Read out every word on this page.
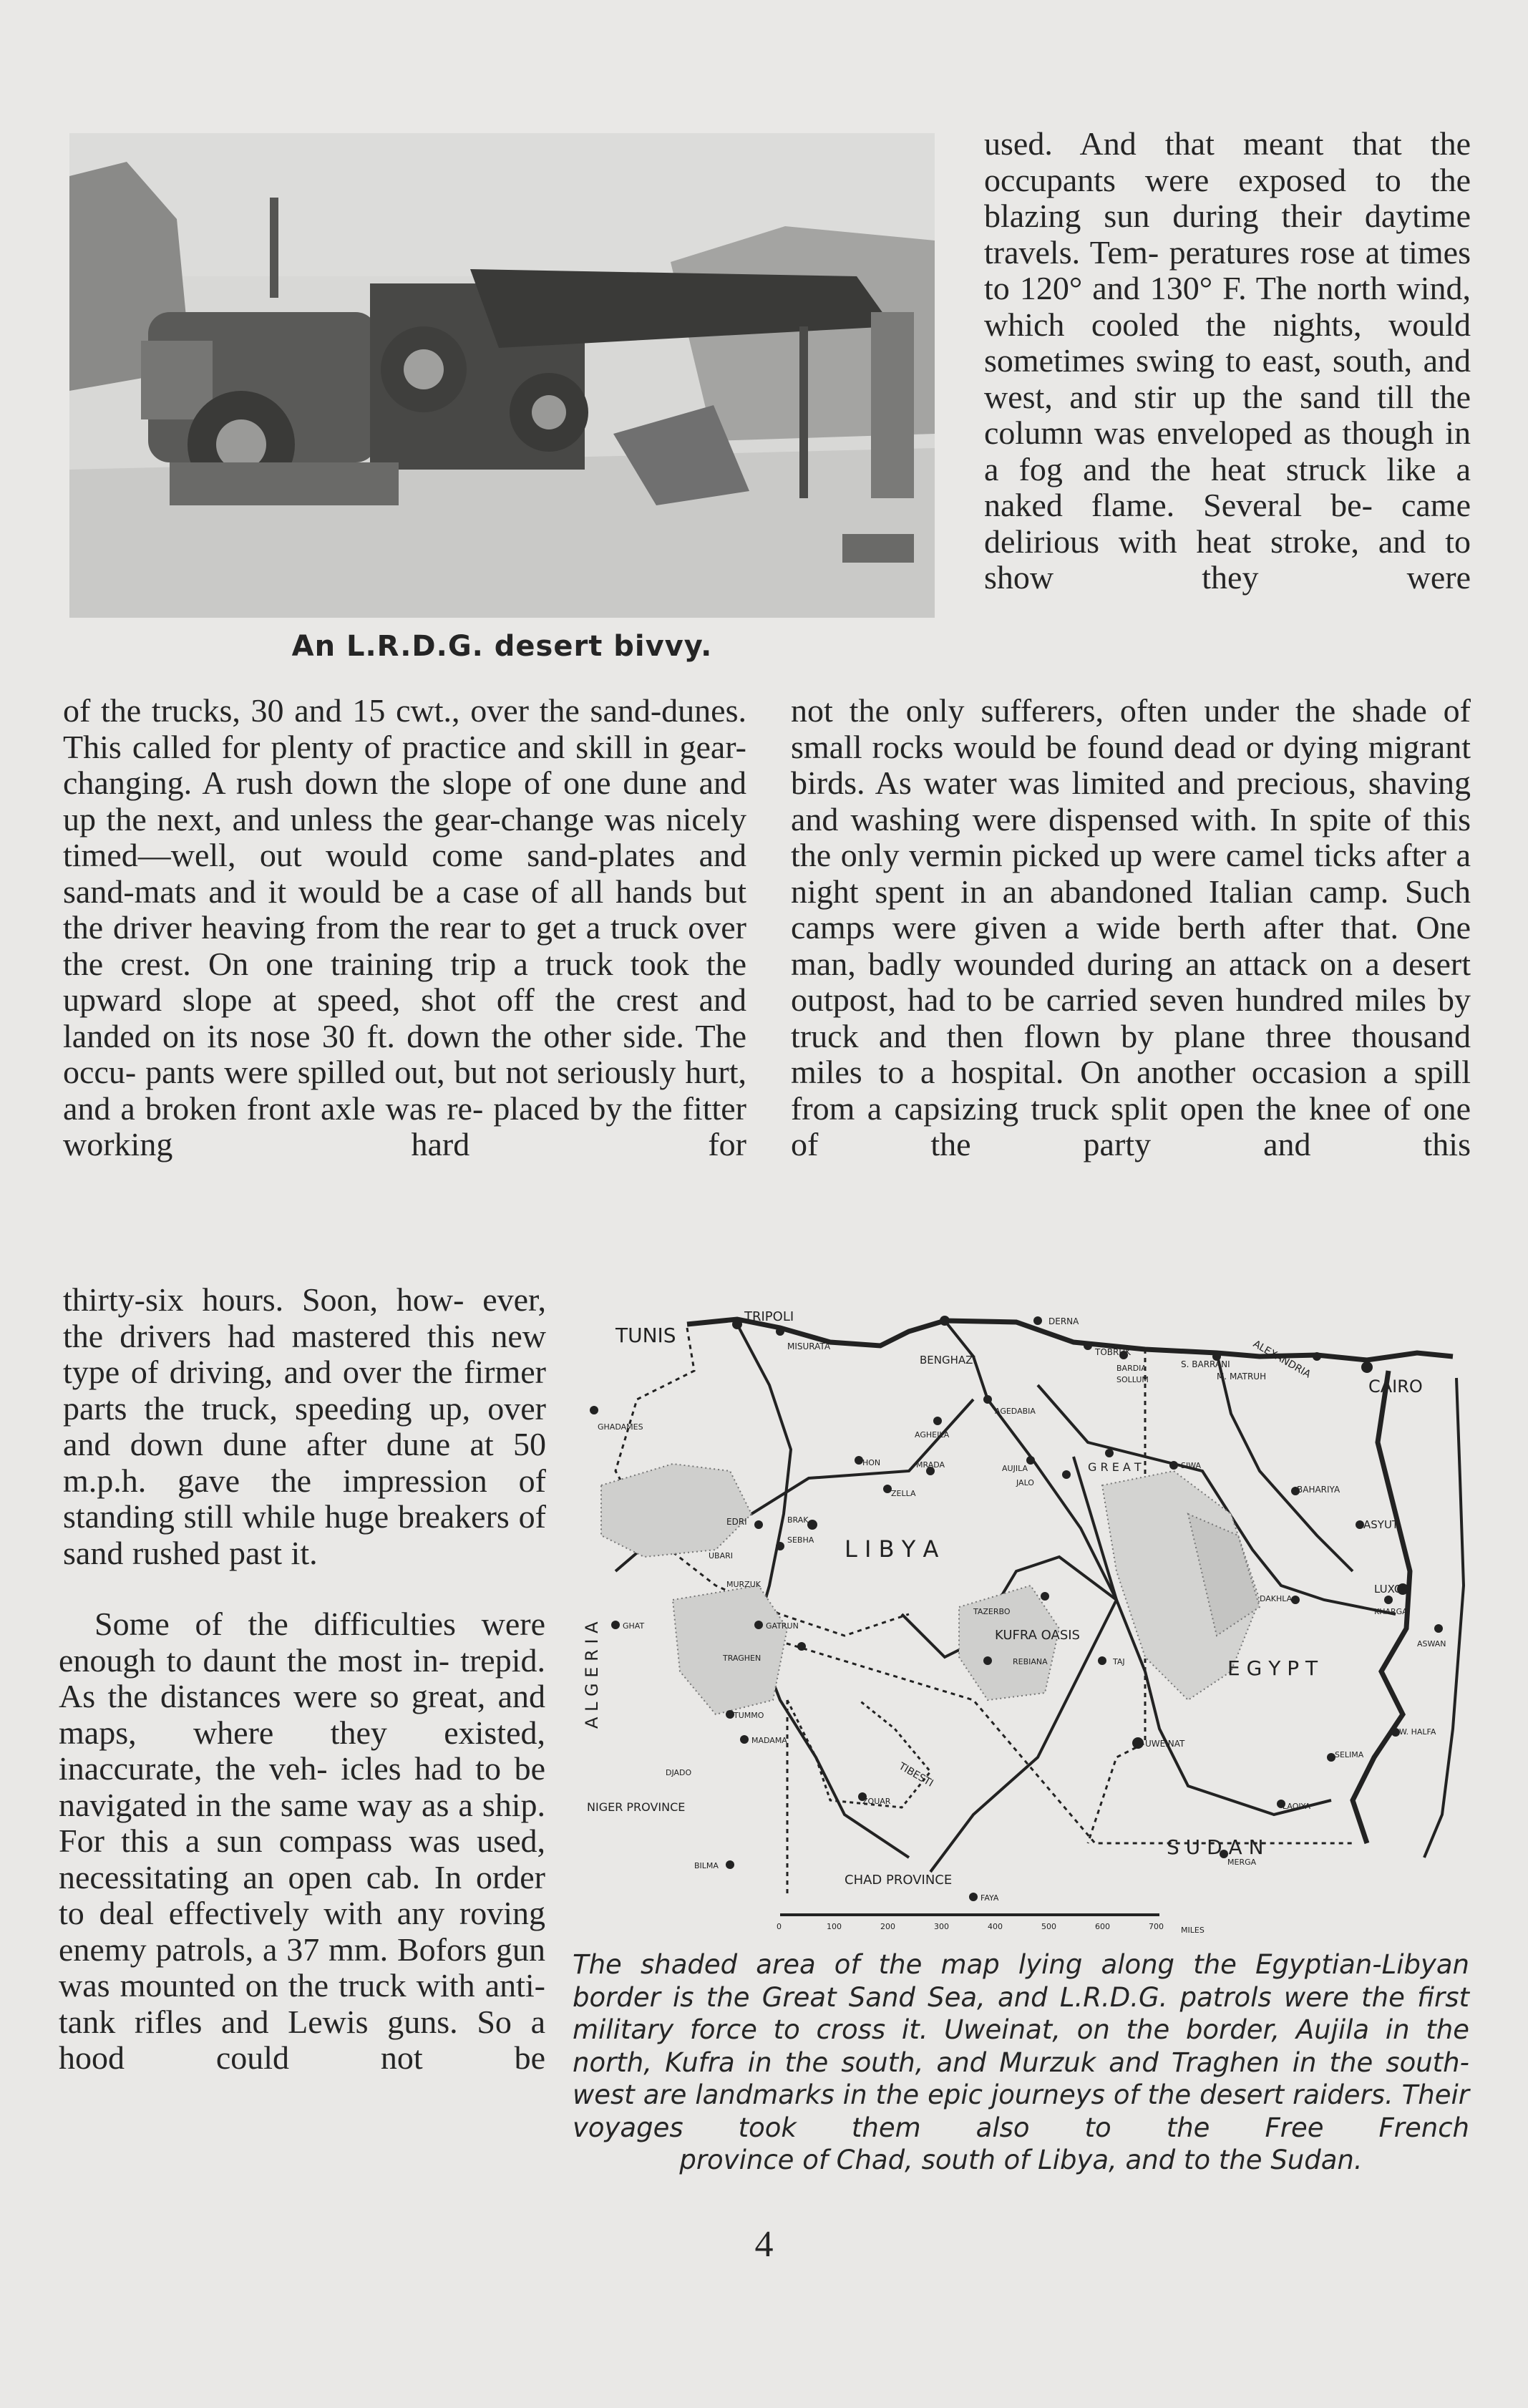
An L.R.D.G. desert bivvy.

used. And that meant that the occupants were exposed to the blazing sun during their daytime travels. Tem- peratures rose at times to 120° and 130° F. The north wind, which cooled the nights, would sometimes swing to east, south, and west, and stir up the sand till the column was enveloped as though in a fog and the heat struck like a naked flame. Several be- came delirious with heat stroke, and to show they were

not the only sufferers, often under the shade of small rocks would be found dead or dying migrant birds. As water was limited and precious, shaving and washing were dispensed with. In spite of this the only vermin picked up were camel ticks after a night spent in an abandoned Italian camp. Such camps were given a wide berth after that. One man, badly wounded during an attack on a desert outpost, had to be carried seven hundred miles by truck and then flown by plane three thousand miles to a hospital. On another occasion a spill from a capsizing truck split open the knee of one of the party and this

of the trucks, 30 and 15 cwt., over the sand-dunes. This called for plenty of practice and skill in gear-changing. A rush down the slope of one dune and up the next, and unless the gear-change was nicely timed—well, out would come sand-plates and sand-mats and it would be a case of all hands but the driver heaving from the rear to get a truck over the crest. On one training trip a truck took the upward slope at speed, shot off the crest and landed on its nose 30 ft. down the other side. The occu- pants were spilled out, but not seriously hurt, and a broken front axle was re- placed by the fitter working hard for

thirty-six hours. Soon, how- ever, the drivers had mastered this new type of driving, and over the firmer parts the truck, speeding up, over and down dune after dune at 50 m.p.h. gave the impression of standing still while huge breakers of sand rushed past it.

Some of the difficulties were enough to daunt the most in- trepid. As the distances were so great, and maps, where they existed, inaccurate, the veh- icles had to be navigated in the same way as a ship. For this a sun compass was used, necessitating an open cab. In order to deal effectively with any roving enemy patrols, a 37 mm. Bofors gun was mounted on the truck with anti-tank rifles and Lewis guns. So a hood could not be

TUNIS
TRIPOLI
MISURATA
BENGHAZI
DERNA
TOBRUK
BARDIA
SOLLUM
S. BARRANI
M. MATRUH
ALEXANDRIA
CAIRO
GHADAMES
AGEDABIA
AGHEILA
SIWA
HON	MRADA	AUJILA
JALO
ZELLA
G R E A T
BAHARIYA
ASYUT
EDRI
SEBHA
BRAK
L I B Y A
UBARI
MURZUK
TAZERBO
KUFRA OASIS
LUXOR
DAKHLA
KHARGA
ASWAN
GHAT	GATRUN
TRAGHEN	REBIANA	TAJ	E G Y P T
A L G E R I A	TUMMO
MADAMA	UWEINAT
W. HALFA
SELIMA
DJADO	TIBESTI
ZOUAR
NIGER PROVINCE	LAQIYA
S U D A N
MERGA
BILMA
CHAD PROVINCE
FAYA
0	100	200	300	400	500	600	700 MILES
The shaded area of the map lying along the Egyptian-Libyan border is the Great Sand Sea, and L.R.D.G. patrols were the first military force to cross it. Uweinat, on the border, Aujila in the north, Kufra in the south, and Murzuk and Traghen in the south-west are landmarks in the epic journeys of the desert raiders. Their voyages took them also to the Free French
province of Chad, south of Libya, and to the Sudan.
4
